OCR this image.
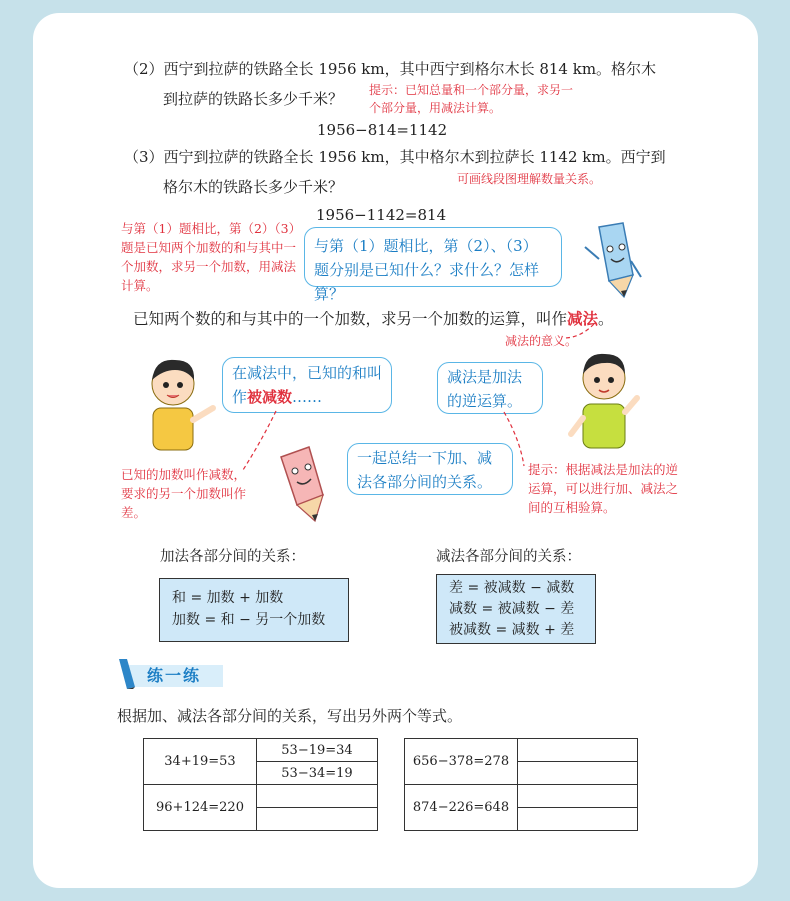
（2）西宁到拉萨的铁路全长 1956 km，其中西宁到格尔木长 814 km。格尔木
到拉萨的铁路长多少千米？ 提示：已知总量和一个部分量，求另一个部分量，用减法计算。
1956−814=1142
（3）西宁到拉萨的铁路全长 1956 km，其中格尔木到拉萨长 1142 km。西宁到
格尔木的铁路长多少千米？	可画线段图理解数量关系。
1956−1142=814
与第（1）题相比，第（2）（3）题是已知两个加数的和与其中一个加数，求另一个加数，用减法计算。
与第（1）题相比，第（2）、（3）题分别是已知什么？求什么？怎样算？
已知两个数的和与其中的一个加数，求另一个加数的运算，叫作减法。
减法的意义。
在减法中，已知的和叫作被减数……
减法是加法的逆运算。
一起总结一下加、减法各部分间的关系。
已知的加数叫作减数，要求的另一个加数叫作差。
提示：根据减法是加法的逆运算，可以进行加、减法之间的互相验算。
加法各部分间的关系：
和 = 加数 + 加数
加数 = 和 − 另一个加数
减法各部分间的关系：
差 = 被减数 − 减数
减数 = 被减数 − 差
被减数 = 减数 + 差
练一练
根据加、减法各部分间的关系，写出另外两个等式。
34+19=53	53−19=34
	53−34=19
96+124=220	

656−378=278	

874−226=648	
